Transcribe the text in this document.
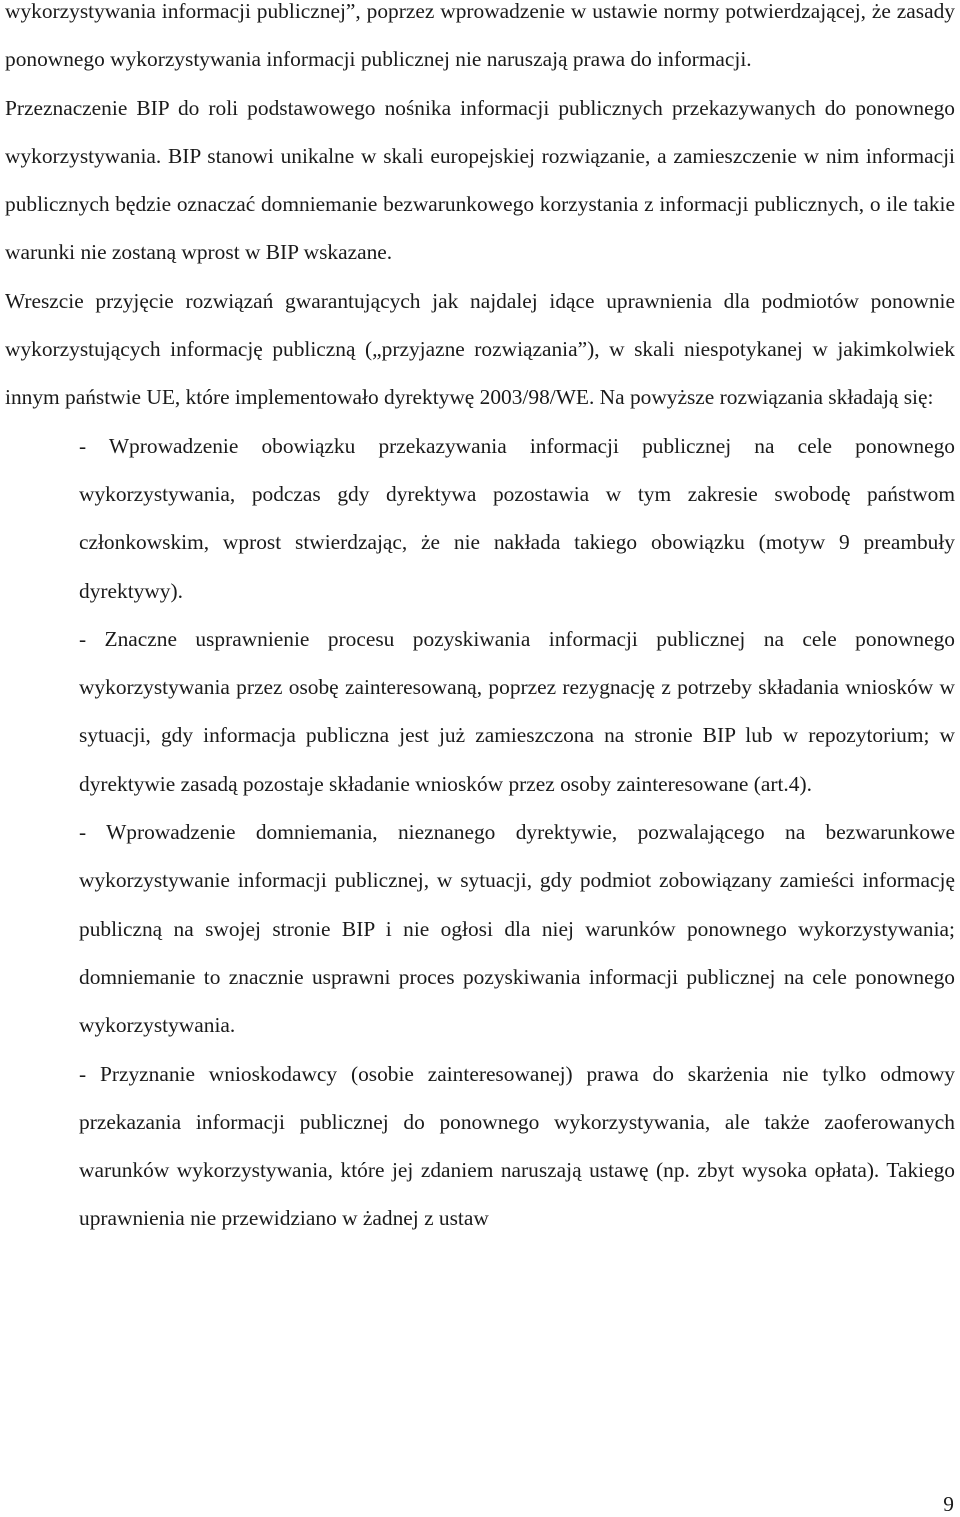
wykorzystywania informacji publicznej”, poprzez wprowadzenie w ustawie normy potwierdzającej, że zasady ponownego wykorzystywania informacji publicznej nie naruszają prawa do informacji.

Przeznaczenie BIP do roli podstawowego nośnika informacji publicznych przekazywanych do ponownego wykorzystywania. BIP stanowi unikalne w skali europejskiej rozwiązanie, a zamieszczenie w nim informacji publicznych będzie oznaczać domniemanie bezwarunkowego korzystania z informacji publicznych, o ile takie warunki nie zostaną wprost w BIP wskazane.

Wreszcie przyjęcie rozwiązań gwarantujących jak najdalej idące uprawnienia dla podmiotów ponownie wykorzystujących informację publiczną („przyjazne rozwiązania”), w skali niespotykanej w jakimkolwiek innym państwie UE, które implementowało dyrektywę 2003/98/WE. Na powyższe rozwiązania składają się:

- Wprowadzenie obowiązku przekazywania informacji publicznej na cele ponownego wykorzystywania, podczas gdy dyrektywa pozostawia w tym zakresie swobodę państwom członkowskim, wprost stwierdzając, że nie nakłada takiego obowiązku (motyw 9 preambuły dyrektywy).

- Znaczne usprawnienie procesu pozyskiwania informacji publicznej na cele ponownego wykorzystywania przez osobę zainteresowaną, poprzez rezygnację z potrzeby składania wniosków w sytuacji, gdy informacja publiczna jest już zamieszczona na stronie BIP lub w repozytorium; w dyrektywie zasadą pozostaje składanie wniosków przez osoby zainteresowane (art.4).

- Wprowadzenie domniemania, nieznanego dyrektywie, pozwalającego na bezwarunkowe wykorzystywanie informacji publicznej, w sytuacji, gdy podmiot zobowiązany zamieści informację publiczną na swojej stronie BIP i nie ogłosi dla niej warunków ponownego wykorzystywania; domniemanie to znacznie usprawni proces pozyskiwania informacji publicznej na cele ponownego wykorzystywania.

- Przyznanie wnioskodawcy (osobie zainteresowanej) prawa do skarżenia nie tylko odmowy przekazania informacji publicznej do ponownego wykorzystywania, ale także zaoferowanych warunków wykorzystywania, które jej zdaniem naruszają ustawę (np. zbyt wysoka opłata). Takiego uprawnienia nie przewidziano w żadnej z ustaw

9
